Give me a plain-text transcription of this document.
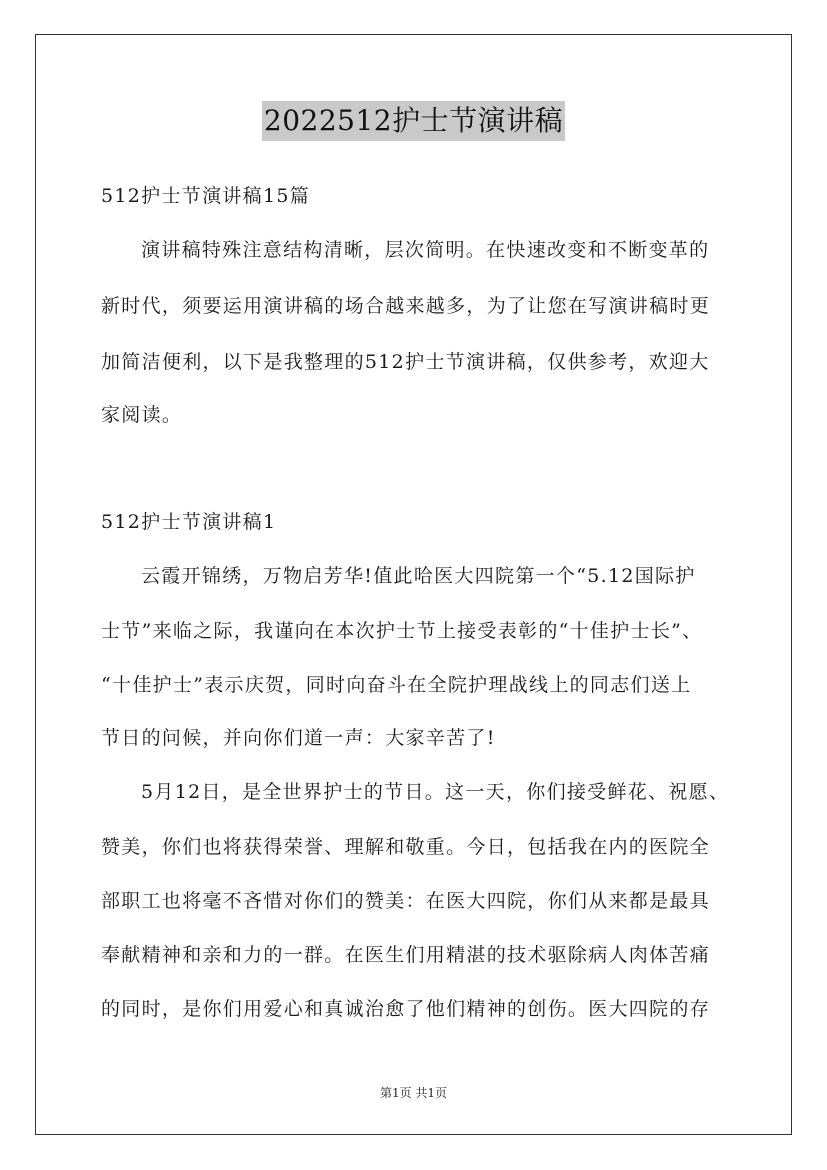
2022512护士节演讲稿
512护士节演讲稿15篇
演讲稿特殊注意结构清晰，层次简明。在快速改变和不断变革的
新时代，须要运用演讲稿的场合越来越多，为了让您在写演讲稿时更
加简洁便利，以下是我整理的512护士节演讲稿，仅供参考，欢迎大
家阅读。
512护士节演讲稿1
云霞开锦绣，万物启芳华!值此哈医大四院第一个“5.12国际护
士节”来临之际，我谨向在本次护士节上接受表彰的“十佳护士长”、
“十佳护士”表示庆贺，同时向奋斗在全院护理战线上的同志们送上
节日的问候，并向你们道一声：大家辛苦了!
5月12日，是全世界护士的节日。这一天，你们接受鲜花、祝愿、
赞美，你们也将获得荣誉、理解和敬重。今日，包括我在内的医院全
部职工也将毫不吝惜对你们的赞美：在医大四院，你们从来都是最具
奉献精神和亲和力的一群。在医生们用精湛的技术驱除病人肉体苦痛
的同时，是你们用爱心和真诚治愈了他们精神的创伤。医大四院的存
第1页 共1页
